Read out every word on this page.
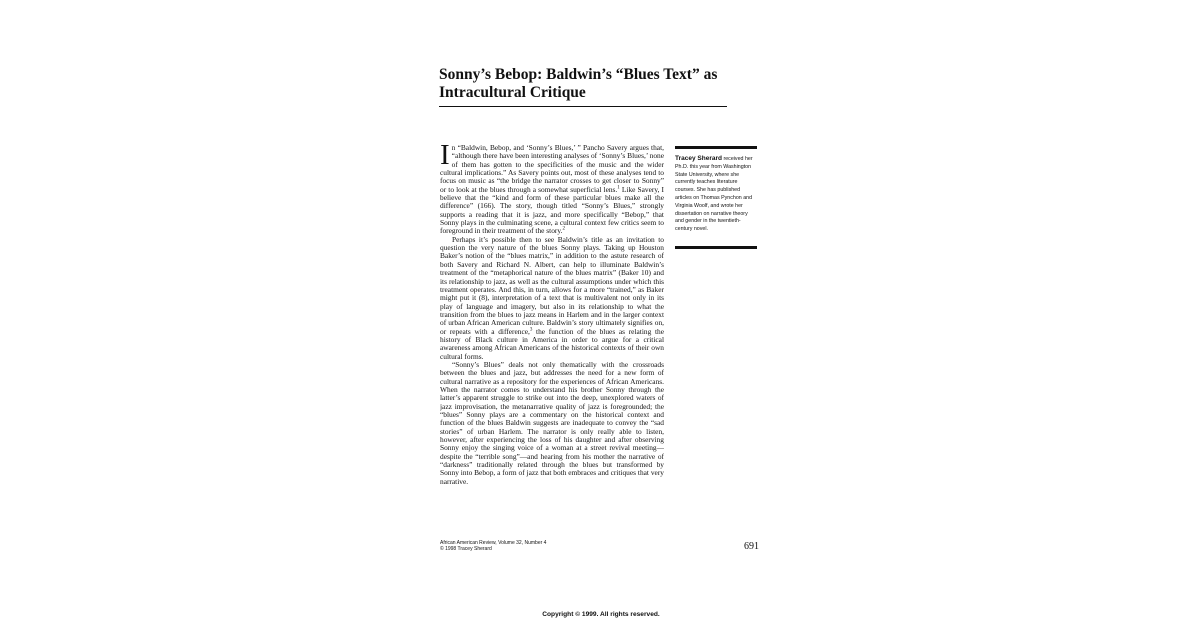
Sonny’s Bebop: Baldwin’s “Blues Text” as Intracultural Critique

In “Baldwin, Bebop, and ‘Sonny’s Blues,’ ” Pancho Savery argues that, “although there have been interesting analyses of ‘Sonny’s Blues,’ none of them has gotten to the specificities of the music and the wider cultural implications.” As Savery points out, most of these analyses tend to focus on music as “the bridge the narrator crosses to get closer to Sonny” or to look at the blues through a somewhat superficial lens.$^1$ Like Savery, I believe that the “kind and form of these particular blues make all the difference” (166). The story, though titled “Sonny’s Blues,” strongly supports a reading that it is jazz, and more specifically “Bebop,” that Sonny plays in the culminating scene, a cultural context few critics seem to foreground in their treatment of the story.$^2$

Perhaps it’s possible then to see Baldwin’s title as an invitation to question the very nature of the blues Sonny plays. Taking up Houston Baker’s notion of the “blues matrix,” in addition to the astute research of both Savery and Richard N. Albert, can help to illuminate Baldwin’s treatment of the “metaphorical nature of the blues matrix” (Baker 10) and its relationship to jazz, as well as the cultural assumptions under which this treatment operates. And this, in turn, allows for a more “trained,” as Baker might put it (8), interpretation of a text that is multivalent not only in its play of language and imagery, but also in its relationship to what the transition from the blues to jazz means in Harlem and in the larger context of urban African American culture. Baldwin’s story ultimately signifies on, or repeats with a difference,$^3$ the function of the blues as relating the history of Black culture in America in order to argue for a critical awareness among African Americans of the historical contexts of their own cultural forms.

“Sonny’s Blues” deals not only thematically with the crossroads between the blues and jazz, but addresses the need for a new form of cultural narrative as a repository for the experiences of African Americans. When the narrator comes to understand his brother Sonny through the latter’s apparent struggle to strike out into the deep, unexplored waters of jazz improvisation, the metanarrative quality of jazz is foregrounded; the “blues” Sonny plays are a commentary on the historical context and function of the blues Baldwin suggests are inadequate to convey the “sad stories” of urban Harlem. The narrator is only really able to listen, however, after experiencing the loss of his daughter and after observing Sonny enjoy the singing voice of a woman at a street revival meeting—despite the “terrible song”—and hearing from his mother the narrative of “darkness” traditionally related through the blues but transformed by Sonny into Bebop, a form of jazz that both embraces and critiques that very narrative.

Tracey Sherard received her Ph.D. this year from Washington State University, where she currently teaches literature courses. She has published articles on Thomas Pynchon and Virginia Woolf, and wrote her dissertation on narrative theory and gender in the twentieth-century novel.

African American Review, Volume 32, Number 4
© 1998 Tracey Sherard	691
Copyright © 1999. All rights reserved.
